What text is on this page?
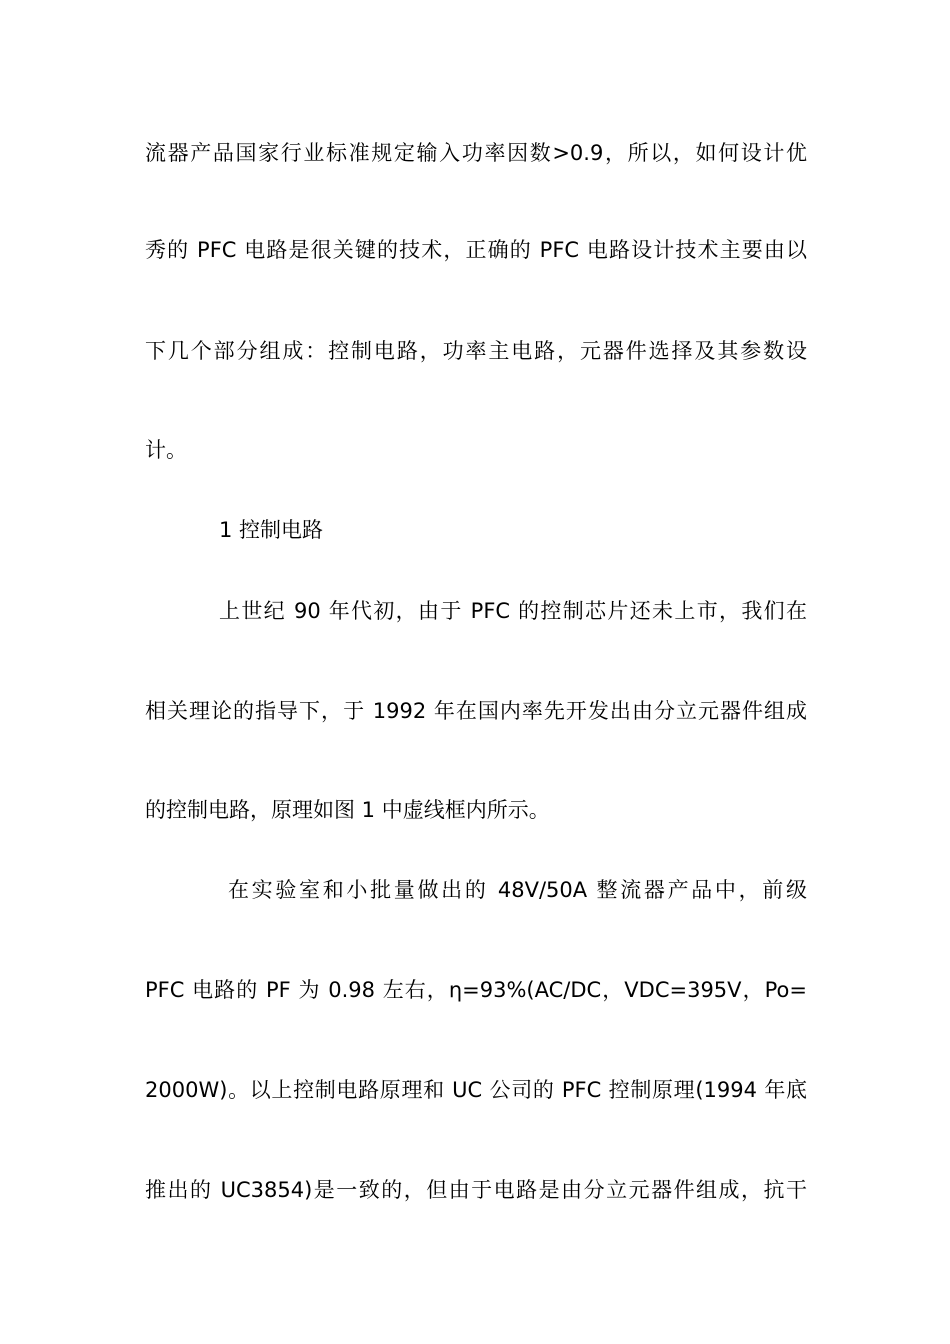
流器产品国家行业标准规定输入功率因数>0.9，所以，如何设计优
秀的 PFC 电路是很关键的技术，正确的 PFC 电路设计技术主要由以
下几个部分组成：控制电路，功率主电路，元器件选择及其参数设
计。
1 控制电路
上世纪 90 年代初，由于 PFC 的控制芯片还未上市，我们在
相关理论的指导下，于 1992 年在国内率先开发出由分立元器件组成
的控制电路，原理如图 1 中虚线框内所示。
在实验室和小批量做出的 48V/50A 整流器产品中，前级
PFC 电路的 PF 为 0.98 左右，η=93%(AC/DC，VDC=395V，Po=
2000W)。以上控制电路原理和 UC 公司的 PFC 控制原理(1994 年底
推出的 UC3854)是一致的，但由于电路是由分立元器件组成，抗干
